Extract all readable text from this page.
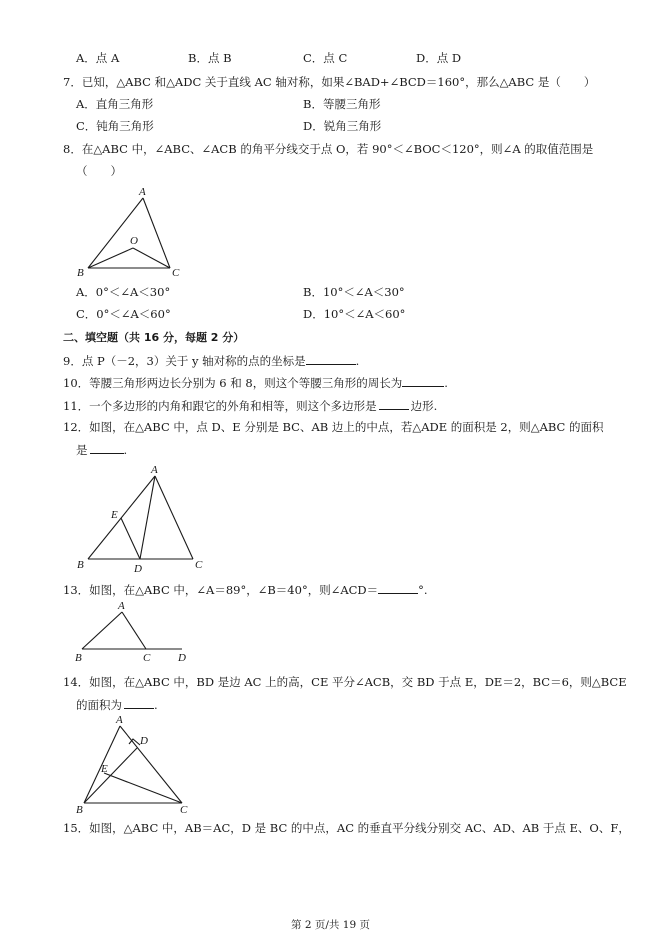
A．点 A	B．点 B	C．点 C	D．点 D
7．已知，△ABC 和△ADC 关于直线 AC 轴对称，如果∠BAD+∠BCD＝160°，那么△ABC 是（　　）
A．直角三角形	B．等腰三角形
C．钝角三角形	D．锐角三角形
8．在△ABC 中，∠ABC、∠ACB 的角平分线交于点 O，若 90°＜∠BOC＜120°，则∠A 的取值范围是
（　　）
A
O
B	C
A．0°＜∠A＜30°	B．10°＜∠A＜30°
C．0°＜∠A＜60°	D．10°＜∠A＜60°
二、填空题（共 16 分，每题 2 分）
9．点 P（－2，3）关于 y 轴对称的点的坐标是	.
10．等腰三角形两边长分别为 6 和 8，则这个等腰三角形的周长为	.
11．一个多边形的内角和跟它的外角和相等，则这个多边形是	边形.
12．如图，在△ABC 中，点 D、E 分别是 BC、AB 边上的中点，若△ADE 的面积是 2，则△ABC 的面积
是	.
A
E
B	D	C
13．如图，在△ABC 中，∠A＝89°，∠B＝40°，则∠ACD＝	°.
A
B	C	D
14．如图，在△ABC 中，BD 是边 AC 上的高，CE 平分∠ACB，交 BD 于点 E，DE＝2，BC＝6，则△BCE
的面积为	.
A
D
E
B	C
15．如图，△ABC 中，AB＝AC，D 是 BC 的中点，AC 的垂直平分线分别交 AC、AD、AB 于点 E、O、F，
第 2 页/共 19 页
